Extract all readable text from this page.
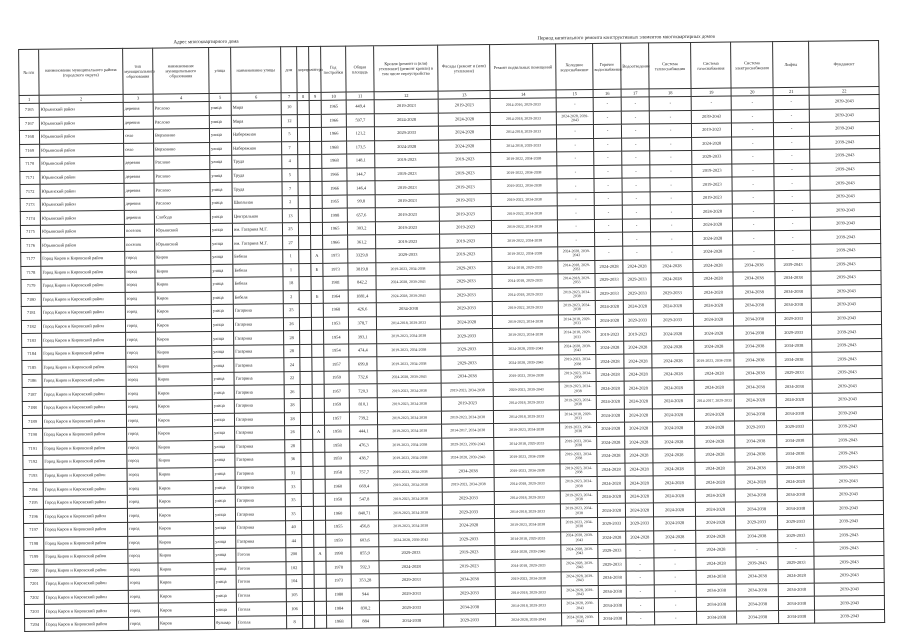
	Адрес многоквартирного дома										Период капитального ремонта конструктивных элементов многоквартирных домов										
№ п/п	наименование муниципального района (городского округа)	тип муниципального образования	наименование муниципального образования	улица	наименование улицы	дом	корпус	литера	Год постройки	Общая площадь	Кровля (ремонт и (или) утепление) (ремонт кровли) в том числе переустройство	Фасады (ремонт и (или) утепление)	Ремонт подвальных помещений	Холодное водоснабжение	Горячее водоснабжение	Водоотведение	Система теплоснабжения	Система газоснабжения	Система электроснабжения	Лифты	Фундамент
1	2	3	4	5	6	7	8	9	10	11	12	13	14	15	16	17	18	19	20	21	22
7165	Юрьянский район	деревня	Раслово	улица	Мира	10			1965	449,4	2019-2023	2019-2023	2014-2016, 2029-2033	-	-	-	-	-	-	-	2039-2043
7167	Юрьянский район	деревня	Раслово	улица	Мира	12			1966	597,7	2024-2028	2024-2028	2014-2018, 2029-2033	2024-2028, 2039-2043	-	-	-	2039-2043	-	-	2039-2043
7168	Юрьянский район	село	Верховино	улица	Набережная	5			1966	121,2	2029-2033	2024-2028	2014-2018, 2029-2033	-	-	-	-	2019-2023	-	-	2039-2043
7169	Юрьянский район	село	Верховино	улица	Набережная	7			1968	173,5	2024-2028	2024-2028	2014-2018, 2029-2033	-	-	-	-	2024-2028	-	-	2039-2043
7170	Юрьянский район	деревня	Раслово	улица	Труда	4			1968	148,1	2019-2023	2019-2023	2019-2022, 2034-2038	-	-	-	-	2029-2033	-	-	2039-2043
7171	Юрьянский район	деревня	Раслово	улица	Труда	5			1966	144,7	2019-2023	2019-2023	2019-2022, 2034-2038	-	-	-	-	2019-2023	-	-	2039-2043
7172	Юрьянский район	деревня	Раслово	улица	Труда	7			1966	146,4	2019-2023	2019-2023	2019-2022, 2034-2038	-	-	-	-	2019-2023	-	-	2039-2043
7173	Юрьянский район	деревня	Раслово	улица	Школьная	2			1955	99,8	2019-2023	2019-2023	2019-2022, 2034-2038	-	-	-	-	2019-2023	-	-	2039-2043
7174	Юрьянский район	деревня	Слобода	улица	Центральная	13			1998	657,6	2019-2023	2019-2023	2019-2022, 2034-2038	-	-	-	-	2024-2028	-	-	2039-2043
7175	Юрьянский район	поселок	Юрьянский	улица	им. Гагарина М.Г.	25			1965	303,2	2019-2023	2019-2023	2019-2022, 2034-2038	-	-	-	-	2024-2028	-	-	2039-2043
7176	Юрьянский район	поселок	Юрьянский	улица	им. Гагарина М.Г.	27			1966	361,2	2019-2023	2019-2023	2019-2022, 2034-2038	-	-	-	-	2024-2028	-	-	2039-2043
7177	Город Киров и Кировский район	город	Киров	улица	Бебеля	1		А	1973	3329,8	2029-2033	2019-2023	2019-2022, 2034-2038	2024-2028, 2039-2043	-	-	-	2024-2028	-	-	2039-2043
7178	Город Киров и Кировский район	город	Киров	улица	Бебеля	1		Б	1973	3819,8	2019-2023, 2034-2038	2029-2033	2014-2018, 2029-2033	2014-2018, 2029-2033	2024-2028	2024-2028	2024-2028	2024-2028	2034-2038	2039-2043	2039-2043
7179	Город Киров и Кировский район	город	Киров	улица	Бебеля	18			1981	842,2	2024-2028, 2039-2043	2029-2033	2014-2018, 2029-2033	2014-2018, 2029-2033	2029-2033	2029-2033	2024-2028	2024-2028	2034-2038	2034-2038	2039-2043
7180	Город Киров и Кировский район	город	Киров	улица	Бебеля	2		Б	1964	1881,4	2024-2028, 2039-2043	2029-2033	2014-2018, 2029-2033	2019-2023, 2034-2038	2029-2033	2029-2033	2029-2033	2024-2028	2034-2038	2034-2038	2039-2043
7181	Город Киров и Кировский район	город	Киров	улица	Гагарина	25			1968	426,6	2034-2038	2029-2033	2019-2022, 2029-2033	2019-2023, 2034-2038	2024-2028	2024-2028	2024-2028	2024-2028	2034-2038	2034-2038	2039-2043
7182	Город Киров и Кировский район	город	Киров	улица	Гагарина	26			1953	378,7	2014-2018, 2029-2033	2024-2028	2019-2023, 2034-2038	2014-2018, 2029-2033	2024-2028	2029-2033	2029-2033	2024-2028	2034-2038	2029-2033	2039-2043
7183	Город Киров и Кировский район	город	Киров	улица	Гагарина	28			1954	393,1	2019-2023, 2034-2038	2029-2033	2019-2023, 2034-2038	2014-2018, 2029-2033	2019-2023	2019-2023	2024-2028	2024-2028	2034-2038	2029-2033	2039-2043
7184	Город Киров и Кировский район	город	Киров	улица	Гагарина	28			1954	474,4	2019-2023, 2034-2038	2029-2033	2024-2028, 2039-2043	2024-2028, 2039-2043	2024-2028	2024-2028	2024-2028	2024-2028	2034-2038	2034-2038	2039-2043
7185	Город Киров и Кировский район	город	Киров	улица	Гагарина	24			1957	699,8	2019-2023, 2034-2038	2029-2033	2024-2028, 2039-2043	2019-2023, 2034-2038	2024-2028	2024-2028	2024-2028	2019-2023, 2034-2038	2034-2038	2034-2038	2039-2043
7186	Город Киров и Кировский район	город	Киров	улица	Гагарина	22			1959	732,6	2024-2028, 2039-2043	2034-2038	2019-2023, 2034-2038	2019-2023, 2034-2038	2024-2028	2024-2028	2024-2028	2024-2028	2034-2038	2029-2033	2039-2043
7187	Город Киров и Кировский район	город	Киров	улица	Гагарина	26			1957	720,3	2019-2023, 2034-2038	2019-2023, 2034-2038	2029-2023, 2039-2043	2019-2023, 2034-2038	2024-2028	2024-2028	2024-2028	2024-2028	2034-2038	2034-2038	2039-2043
7188	Город Киров и Кировский район	город	Киров	улица	Гагарина	28			1959	810,1	2019-2023, 2034-2038	2019-2023	2014-2018, 2029-2033	2019-2023, 2034-2038	2024-2028	2024-2028	2024-2028	2014-2017, 2029-2033	2024-2028	2024-2028	2039-2043
7189	Город Киров и Кировский район	город	Киров	улица	Гагарина	28			1957	739,2	2019-2023, 2034-2038	2019-2023, 2034-2038	2014-2018, 2029-2033	2014-2018, 2029-2033	2024-2028	2024-2028	2024-2028	2024-2028	2034-2038	2034-2038	2039-2043
7190	Город Киров и Кировский район	город	Киров	улица	Гагарина	26		А	1958	444,1	2019-2023, 2034-2038	2014-2017, 2034-2038	2019-2023, 2034-2038	2019-2023, 2034-2038	2024-2028	2024-2028	2024-2028	2024-2028	2029-2033	2029-2033	2039-2043
7191	Город Киров и Кировский район	город	Киров	улица	Гагарина	28			1958	476,3	2019-2023, 2034-2038	2029-2023, 2039-2043	2014-2018, 2029-2033	2019-2023, 2034-2038	2024-2028	2024-2028	2024-2028	2024-2028	2034-2038	2034-2038	2039-2043
7192	Город Киров и Кировский район	город	Киров	улица	Гагарина	36			1959	438,7	2019-2023, 2034-2038	2024-2028, 2039-2043	2019-2023, 2034-2038	2019-2023, 2034-2038	2024-2028	2024-2028	2024-2028	2024-2028	2034-2038	2034-2038	2039-2043
7193	Город Киров и Кировский район	город	Киров	улица	Гагарина	31			1958	757,7	2019-2023, 2034-2038	2034-2038	2019-2023, 2034-2038	2019-2023, 2034-2038	2024-2028	2024-2028	2024-2028	2024-2028	2034-2038	2034-2038	2039-2043
7194	Город Киров и Кировский район	город	Киров	улица	Гагарина	33			1960	669,4	2019-2023, 2034-2038	2019-2023, 2034-2038	2014-2018, 2029-2033	2019-2023, 2034-2038	2024-2028	2024-2028	2024-2028	2024-2028	2024-2028	2024-2028	2039-2043
7195	Город Киров и Кировский район	город	Киров	улица	Гагарина	35			1958	547,8	2019-2023, 2034-2038	2029-2033	2014-2018, 2029-2033	2019-2023, 2034-2038	2024-2028	2024-2028	2024-2028	2024-2028	2034-2038	2034-2038	2039-2043
7196	Город Киров и Кировский район	город	Киров	улица	Гагарина	35			1960	840,71	2019-2023, 2034-2038	2029-2033	2014-2018, 2029-2033	2019-2023, 2034-2038	2024-2028	2024-2028	2024-2028	2024-2028	2034-2038	2034-2038	2039-2043
7197	Город Киров и Кировский район	город	Киров	улица	Гагарина	40			1955	456,8	2019-2023, 2034-2038	2024-2028	2019-2023, 2034-2038	2019-2023, 2034-2038	2029-2033	2029-2033	2024-2028	2024-2028	2029-2033	2029-2033	2039-2043
7198	Город Киров и Кировский район	город	Киров	улица	Гагарина	44			1959	603,6	2024-2028, 2039-2043	2029-2033	2014-2018, 2029-2033	2024-2028, 2039-2043	2024-2028	2024-2028	2024-2028	2024-2028	2034-2038	2029-2033	2039-2043
7199	Город Киров и Кировский район	город	Киров	улица	Гоголя	200		А	1998	855,9	2029-2033	2019-2023	2024-2028, 2039-2043	2024-2028, 2039-2043	2029-2033	-	-	2024-2028	-	-	2039-2043
7200	Город Киров и Кировский район	город	Киров	улица	Гоголя	102			1978	592,3	2024-2028	2019-2023	2014-2018, 2029-2033	2024-2028, 2039-2043	2029-2033	-	-	2024-2028	2039-2043	2029-2033	2039-2043
7201	Город Киров и Кировский район	город	Киров	улица	Гоголя	104			1973	353,28	2029-2033	2034-2038	2019-2023, 2034-2038	2024-2028, 2039-2043	2034-2038	-	-	2034-2038	2034-2038	2024-2028	2039-2043
7202	Город Киров и Кировский район	город	Киров	улица	Гоголя	105			1980	944	2029-2033	2029-2033	2014-2018, 2029-2033	2024-2028, 2039-2043	2034-2038	-	-	2034-2038	2034-2038	2034-2038	2039-2043
7203	Город Киров и Кировский район	город	Киров	улица	Гоголя	106			1984	830,2	2029-2033	2034-2038	2014-2018, 2029-2033	2024-2028, 2039-2043	2034-2038	-	-	2034-2038	2034-2038	2034-2038	2039-2043
7204	Город Киров и Кировский район	город	Киров	бульвар	Гоголя	8			1968	884	2034-2038	2029-2033	2024-2028, 2039-2043	2024-2028, 2039-2043	2034-2038	-	-	2034-2038	2034-2038	2034-2038	2039-2043
